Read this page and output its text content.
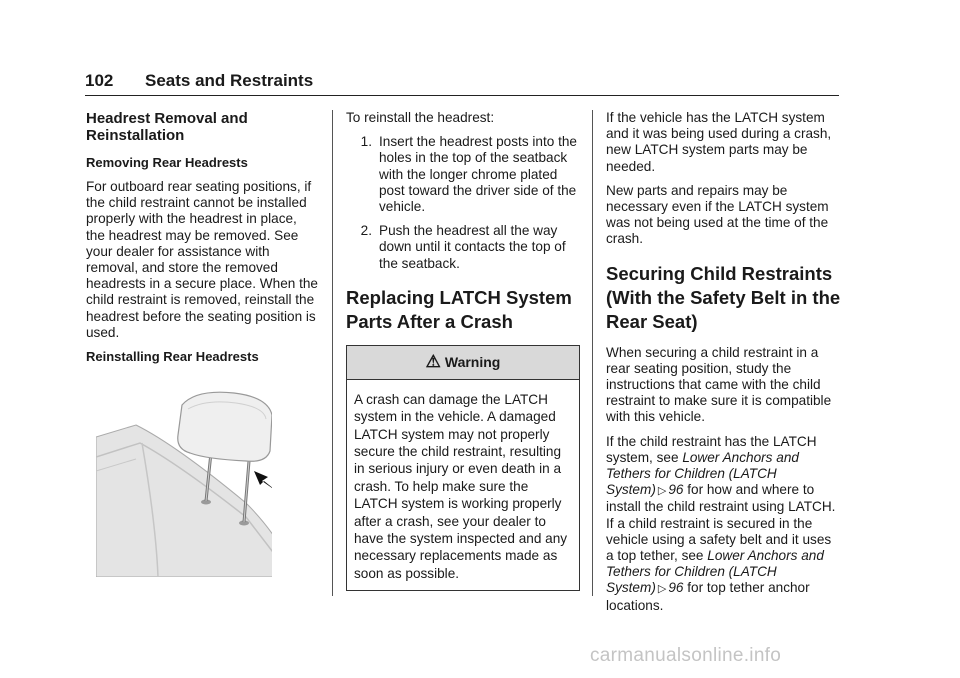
102 Seats and Restraints
Headrest Removal and Reinstallation
Removing Rear Headrests

For outboard rear seating positions, if the child restraint cannot be installed properly with the headrest in place, the headrest may be removed. See your dealer for assistance with removal, and store the removed headrests in a secure place. When the child restraint is removed, reinstall the headrest before the seating position is used.

Reinstalling Rear Headrests

To reinstall the headrest:

1. Insert the headrest posts into the holes in the top of the seatback with the longer chrome plated post toward the driver side of the vehicle.
2. Push the headrest all the way down until it contacts the top of the seatback.
Replacing LATCH System Parts After a Crash
⚠ Warning
A crash can damage the LATCH system in the vehicle. A damaged LATCH system may not properly secure the child restraint, resulting in serious injury or even death in a crash. To help make sure the LATCH system is working properly after a crash, see your dealer to have the system inspected and any necessary replacements made as soon as possible.

If the vehicle has the LATCH system and it was being used during a crash, new LATCH system parts may be needed.

New parts and repairs may be necessary even if the LATCH system was not being used at the time of the crash.

Securing Child Restraints (With the Safety Belt in the Rear Seat)

When securing a child restraint in a rear seating position, study the instructions that came with the child restraint to make sure it is compatible with this vehicle.

If the child restraint has the LATCH system, see Lower Anchors and Tethers for Children (LATCH System) ▷ 96 for how and where to install the child restraint using LATCH. If a child restraint is secured in the vehicle using a safety belt and it uses a top tether, see Lower Anchors and Tethers for Children (LATCH System) ▷ 96 for top tether anchor locations.

carmanualsonline.info
